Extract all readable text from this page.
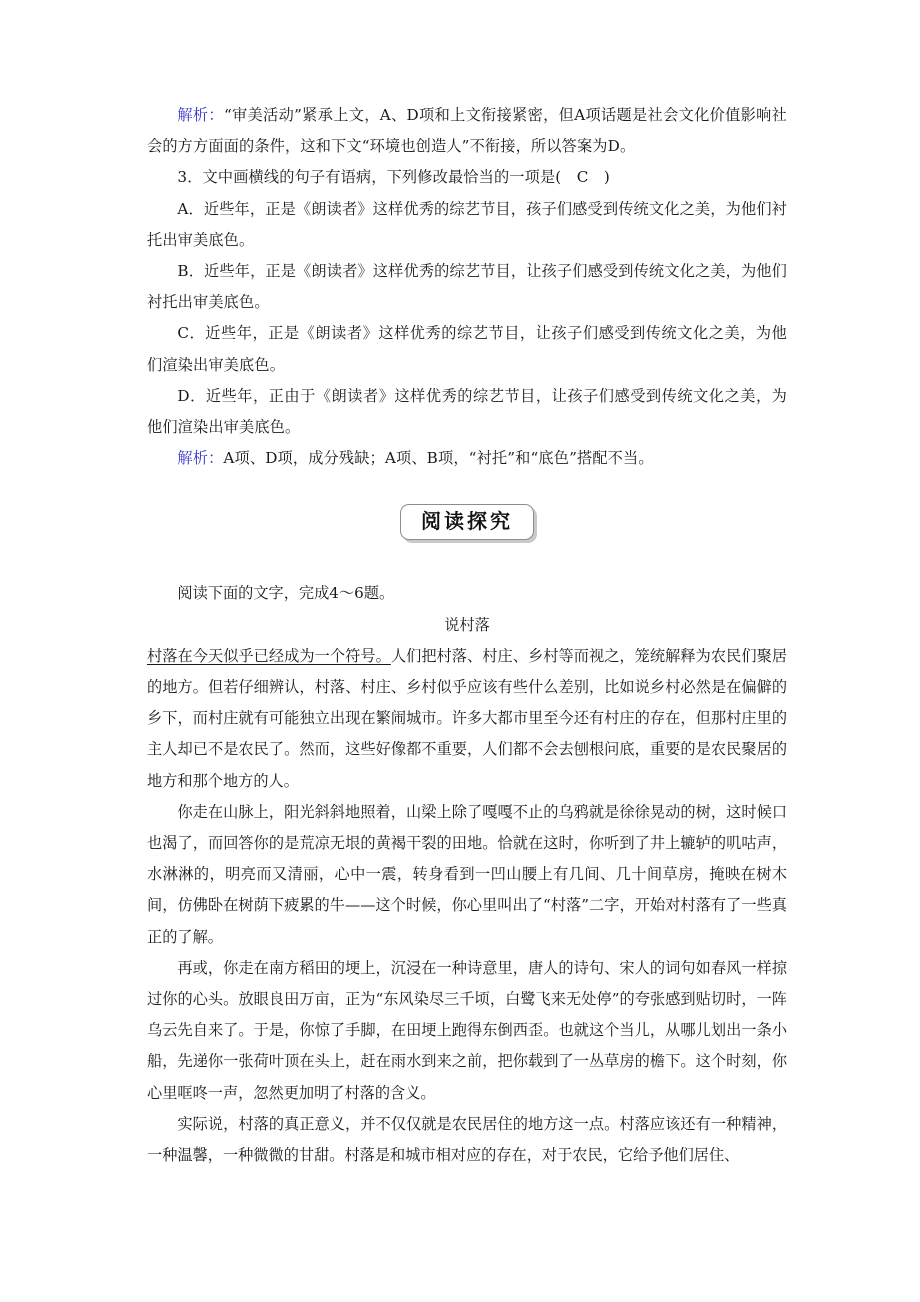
解析：“审美活动”紧承上文，A、D项和上文衔接紧密，但A项话题是社会文化价值影响社会的方方面面的条件，这和下文“环境也创造人”不衔接，所以答案为D。

3．文中画横线的句子有语病，下列修改最恰当的一项是(　C　)

A．近些年，正是《朗读者》这样优秀的综艺节目，孩子们感受到传统文化之美，为他们衬托出审美底色。

B．近些年，正是《朗读者》这样优秀的综艺节目，让孩子们感受到传统文化之美，为他们衬托出审美底色。

C．近些年，正是《朗读者》这样优秀的综艺节目，让孩子们感受到传统文化之美，为他们渲染出审美底色。

D．近些年，正由于《朗读者》这样优秀的综艺节目，让孩子们感受到传统文化之美，为他们渲染出审美底色。

解析：A项、D项，成分残缺；A项、B项，“衬托”和“底色”搭配不当。

阅读探究

阅读下面的文字，完成4～6题。

说村落

村落在今天似乎已经成为一个符号。人们把村落、村庄、乡村等而视之，笼统解释为农民们聚居的地方。但若仔细辨认，村落、村庄、乡村似乎应该有些什么差别，比如说乡村必然是在偏僻的乡下，而村庄就有可能独立出现在繁闹城市。许多大都市里至今还有村庄的存在，但那村庄里的主人却已不是农民了。然而，这些好像都不重要，人们都不会去刨根问底，重要的是农民聚居的地方和那个地方的人。

你走在山脉上，阳光斜斜地照着，山梁上除了嘎嘎不止的乌鸦就是徐徐晃动的树，这时候口也渴了，而回答你的是荒凉无垠的黄褐干裂的田地。恰就在这时，你听到了井上辘轳的叽咕声，水淋淋的，明亮而又清丽，心中一震，转身看到一凹山腰上有几间、几十间草房，掩映在树木间，仿佛卧在树荫下疲累的牛——这个时候，你心里叫出了“村落”二字，开始对村落有了一些真正的了解。

再或，你走在南方稻田的埂上，沉浸在一种诗意里，唐人的诗句、宋人的词句如春风一样掠过你的心头。放眼良田万亩，正为“东风染尽三千顷，白鹭飞来无处停”的夸张感到贴切时，一阵乌云先自来了。于是，你惊了手脚，在田埂上跑得东倒西歪。也就这个当儿，从哪儿划出一条小船，先递你一张荷叶顶在头上，赶在雨水到来之前，把你载到了一丛草房的檐下。这个时刻，你心里哐咚一声，忽然更加明了村落的含义。

实际说，村落的真正意义，并不仅仅就是农民居住的地方这一点。村落应该还有一种精神，一种温馨，一种微微的甘甜。村落是和城市相对应的存在，对于农民，它给予他们居住、
